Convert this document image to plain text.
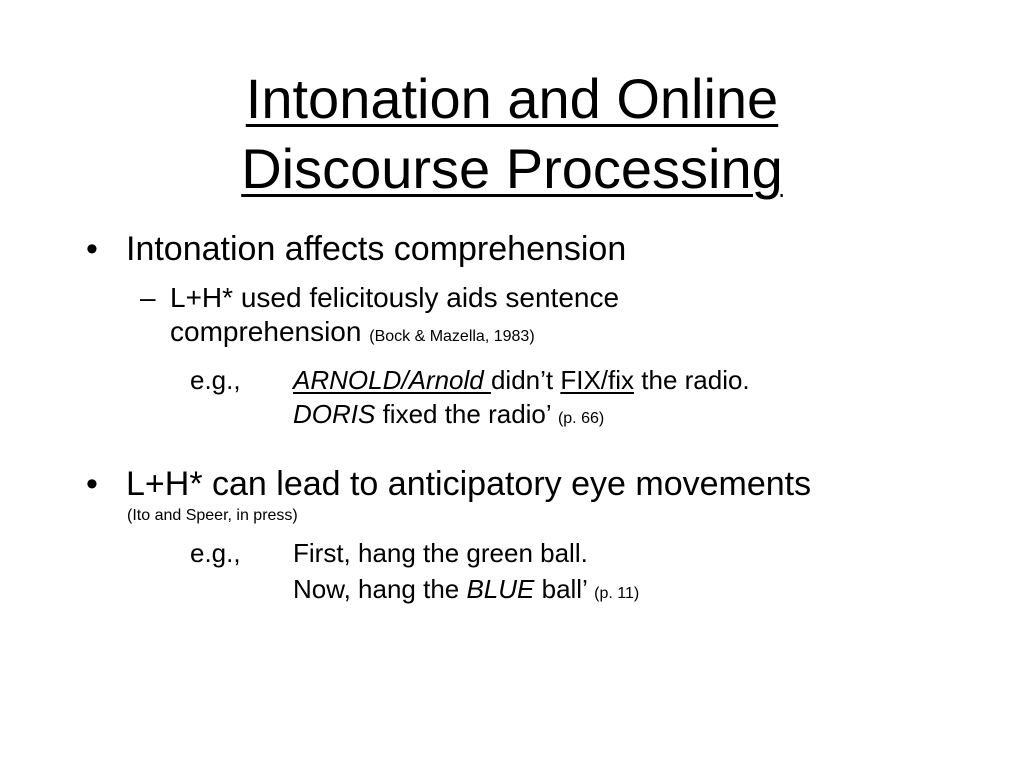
Intonation and Online
Discourse Processing
• Intonation affects comprehension
– L+H* used felicitously aids sentence
comprehension (Bock & Mazella, 1983)
e.g., ARNOLD/Arnold didn’t FIX/fix the radio.
DORIS fixed the radio’ (p. 66)
• L+H* can lead to anticipatory eye movements
(Ito and Speer, in press)
e.g., First, hang the green ball.
Now, hang the BLUE ball’ (p. 11)
